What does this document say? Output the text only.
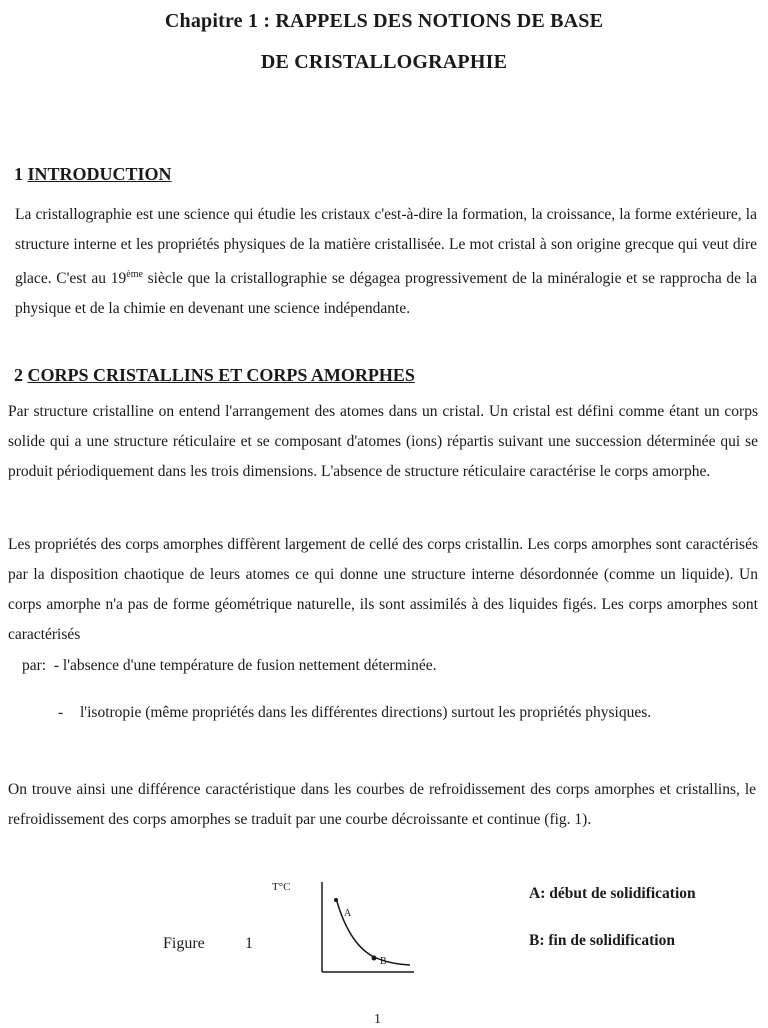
Chapitre 1 : RAPPELS DES NOTIONS DE BASE
DE CRISTALLOGRAPHIE
1 INTRODUCTION
La cristallographie est une science qui étudie les cristaux c'est-à-dire la formation, la croissance, la forme extérieure, la structure interne et les propriétés physiques de la matière cristallisée. Le mot cristal à son origine grecque qui veut dire glace. C'est au 19ème siècle que la cristallographie se dégagea progressivement de la minéralogie et se rapprocha de la physique et de la chimie en devenant une science indépendante.
2 CORPS CRISTALLINS ET CORPS AMORPHES
Par structure cristalline on entend l'arrangement des atomes dans un cristal. Un cristal est défini comme étant un corps solide qui a une structure réticulaire et se composant d'atomes (ions) répartis suivant une succession déterminée qui se produit périodiquement dans les trois dimensions. L'absence de structure réticulaire caractérise le corps amorphe.
Les propriétés des corps amorphes diffèrent largement de cellé des corps cristallin. Les corps amorphes sont caractérisés par la disposition chaotique de leurs atomes ce qui donne une structure interne désordonnée (comme un liquide). Un corps amorphe n'a pas de forme géométrique naturelle, ils sont assimilés à des liquides figés. Les corps amorphes sont caractérisés
par: - l'absence d'une température de fusion nettement déterminée.
-	l'isotropie (même propriétés dans les différentes directions) surtout les propriétés physiques.
On trouve ainsi une différence caractéristique dans les courbes de refroidissement des corps amorphes et cristallins, le refroidissement des corps amorphes se traduit par une courbe décroissante et continue (fig. 1).
Figure	1
T°C
A
B
A: début de solidification
B: fin de solidification
1
